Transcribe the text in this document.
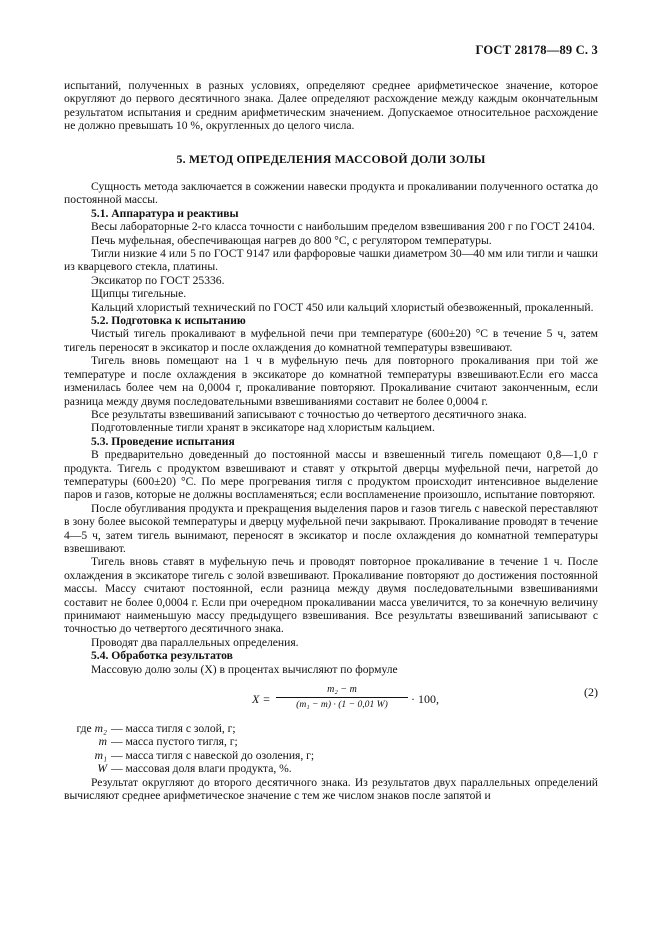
ГОСТ 28178—89 С. 3

испытаний, полученных в разных условиях, определяют среднее арифметическое значение, которое округляют до первого десятичного знака. Далее определяют расхождение между каждым окончательным результатом испытания и средним арифметическим значением. Допускаемое относительное расхождение не должно превышать 10 %, округленных до целого числа.

5. МЕТОД ОПРЕДЕЛЕНИЯ МАССОВОЙ ДОЛИ ЗОЛЫ

Сущность метода заключается в сожжении навески продукта и прокаливании полученного остатка до постоянной массы.

5.1. Аппаратура и реактивы

Весы лабораторные 2-го класса точности с наибольшим пределом взвешивания 200 г по ГОСТ 24104.

Печь муфельная, обеспечивающая нагрев до 800 °С, с регулятором температуры.

Тигли низкие 4 или 5 по ГОСТ 9147 или фарфоровые чашки диаметром 30—40 мм или тигли и чашки из кварцевого стекла, платины.

Эксикатор по ГОСТ 25336.

Щипцы тигельные.

Кальций хлористый технический по ГОСТ 450 или кальций хлористый обезвоженный, прокаленный.

5.2. Подготовка к испытанию

Чистый тигель прокаливают в муфельной печи при температуре (600±20) °С в течение 5 ч, затем тигель переносят в эксикатор и после охлаждения до комнатной температуры взвешивают.

Тигель вновь помещают на 1 ч в муфельную печь для повторного прокаливания при той же температуре и после охлаждения в эксикаторе до комнатной температуры взвешивают.Если его масса изменилась более чем на 0,0004 г, прокаливание повторяют. Прокаливание считают законченным, если разница между двумя последовательными взвешиваниями составит не более 0,0004 г.

Все результаты взвешиваний записывают с точностью до четвертого десятичного знака.

Подготовленные тигли хранят в эксикаторе над хлористым кальцием.

5.3. Проведение испытания

В предварительно доведенный до постоянной массы и взвешенный тигель помещают 0,8—1,0 г продукта. Тигель с продуктом взвешивают и ставят у открытой дверцы муфельной печи, нагретой до температуры (600±20) °С. По мере прогревания тигля с продуктом происходит интенсивное выделение паров и газов, которые не должны воспламеняться; если воспламенение произошло, испытание повторяют.

После обугливания продукта и прекращения выделения паров и газов тигель с навеской переставляют в зону более высокой температуры и дверцу муфельной печи закрывают. Прокаливание проводят в течение 4—5 ч, затем тигель вынимают, переносят в эксикатор и после охлаждения до комнатной температуры взвешивают.

Тигель вновь ставят в муфельную печь и проводят повторное прокаливание в течение 1 ч. После охлаждения в эксикаторе тигель с золой взвешивают. Прокаливание повторяют до достижения постоянной массы. Массу считают постоянной, если разница между двумя последовательными взвешиваниями составит не более 0,0004 г. Если при очередном прокаливании масса увеличится, то за конечную величину принимают наименьшую массу предыдущего взвешивания. Все результаты взвешиваний записывают с точностью до четвертого десятичного знака.

Проводят два параллельных определения.

5.4. Обработка результатов

Массовую долю золы (X) в процентах вычисляют по формуле

X =
m₂ − m
(m₁ − m) · (1 − 0,01 W)	· 100,	(2)
где m₂ — масса тигля с золой, г;
m — масса пустого тигля, г;
m₁ — масса тигля с навеской до озоления, г;
W — массовая доля влаги продукта, %.

Результат округляют до второго десятичного знака. Из результатов двух параллельных определений вычисляют среднее арифметическое значение с тем же числом знаков после запятой и
